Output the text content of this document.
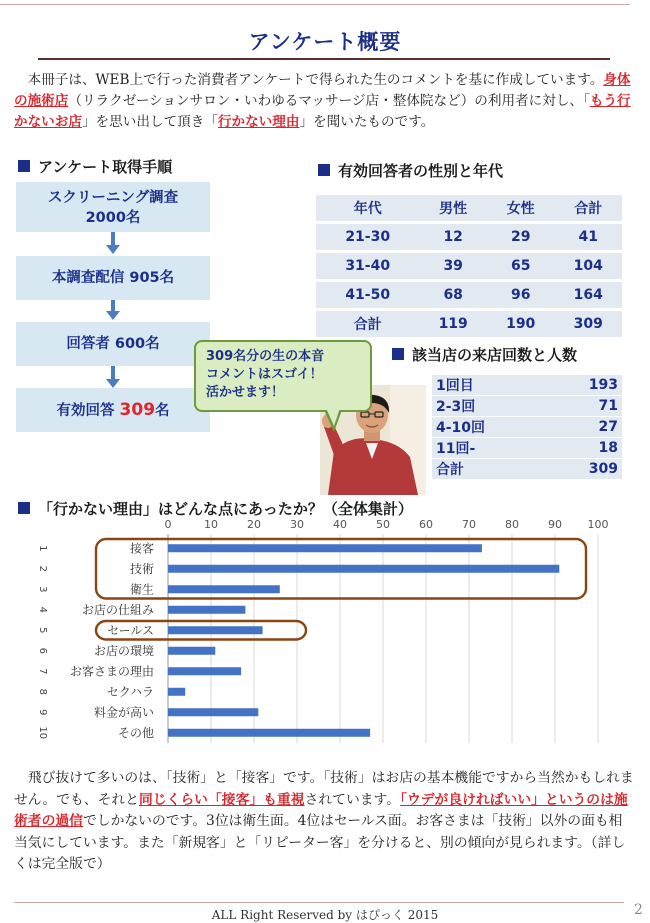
アンケート概要
　本冊子は、WEB上で行った消費者アンケートで得られた生のコメントを基に作成しています。身体の施術店（リラクゼーションサロン・いわゆるマッサージ店・整体院など）の利用者に対し、「もう行かないお店」を思い出して頂き「行かない理由」を聞いたものです。
アンケート取得手順
スクリーニング調査
2000名
本調査配信 905名
回答者 600名
有効回答 309名
有効回答者の性別と年代
年代	男性	女性	合計
21-30	12	29	41
31-40	39	65	104
41-50	68	96	164
合計	119	190	309
該当店の来店回数と人数
1回目	193
2-3回	71
4-10回	27
11回-	18
合計	309
309名分の生の本音
コメントはスゴイ！
活かせます！
「行かない理由」はどんな点にあったか？（全体集計）
0	10	20	30	40	50	60	70	80	90 100
接客
1
技術
2
衛生
3
お店の仕組み
4
セールス
5
お店の環境
6
お客さまの理由
7
セクハラ
8
料金が高い
9
その他
10
　飛び抜けて多いのは、「技術」と「接客」です。「技術」はお店の基本機能ですから当然かもしれません。でも、それと同じくらい「接客」も重視されています。「ウデが良ければいい」というのは施術者の過信でしかないのです。3位は衛生面。4位はセールス面。お客さまは「技術」以外の面も相当気にしています。また「新規客」と「リピーター客」を分けると、別の傾向が見られます。（詳しくは完全版で）
ALL Right Reserved by はぴっく 2015	2
